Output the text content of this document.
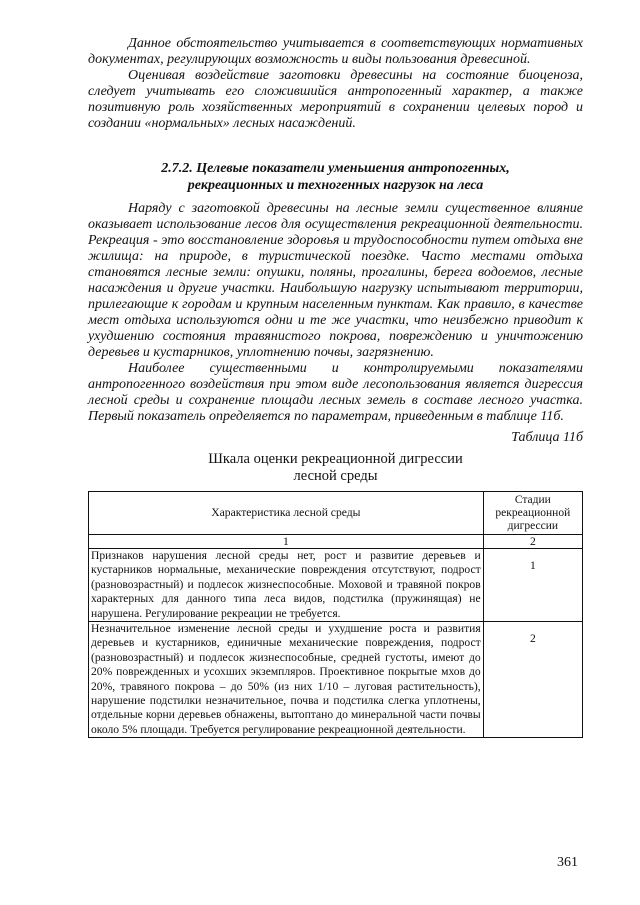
Данное обстоятельство учитывается в соответствующих нормативных документах, регулирующих возможность и виды пользования древесиной.

Оценивая воздействие заготовки древесины на состояние биоценоза, следует учитывать его сложившийся антропогенный характер, а также позитивную роль хозяйственных мероприятий в сохранении целевых пород и создании «нормальных» лесных насаждений.

2.7.2. Целевые показатели уменьшения антропогенных,
рекреационных и техногенных нагрузок на леса

Наряду с заготовкой древесины на лесные земли существенное влияние оказывает использование лесов для осуществления рекреационной деятельности. Рекреация - это восстановление здоровья и трудоспособности путем отдыха вне жилища: на природе, в туристической поездке. Часто местами отдыха становятся лесные земли: опушки, поляны, прогалины, берега водоемов, лесные насаждения и другие участки. Наибольшую нагрузку испытывают территории, прилегающие к городам и крупным населенным пунктам. Как правило, в качестве мест отдыха используются одни и те же участки, что неизбежно приводит к ухудшению состояния травянистого покрова, повреждению и уничтожению деревьев и кустарников, уплотнению почвы, загрязнению.

Наиболее существенными и контролируемыми показателями антропогенного воздействия при этом виде лесопользования является дигрессия лесной среды и сохранение площади лесных земель в составе лесного участка. Первый показатель определяется по параметрам, приведенным в таблице 11б.

Таблица 11б
Шкала оценки рекреационной дигрессии
лесной среды
Характеристика лесной среды	Стадии рекреационной дигрессии
1	2
Признаков нарушения лесной среды нет, рост и развитие деревьев и кустарников нормальные, механические повреждения отсутствуют, подрост (разновозрастный) и подлесок жизнеспособные. Моховой и травяной покров характерных для данного типа леса видов, подстилка (пружинящая) не нарушена. Регулирование рекреации не требуется.	1
Незначительное изменение лесной среды и ухудшение роста и развития деревьев и кустарников, единичные механические повреждения, подрост (разновозрастный) и подлесок жизнеспособные, средней густоты, имеют до 20% поврежденных и усохших экземпляров. Проективное покрытые мхов до 20%, травяного покрова – до 50% (из них 1/10 – луговая растительность), нарушение подстилки незначительное, почва и подстилка слегка уплотнены, отдельные корни деревьев обнажены, вытоптано до минеральной части почвы около 5% площади. Требуется регулирование рекреационной деятельности.	2
361
